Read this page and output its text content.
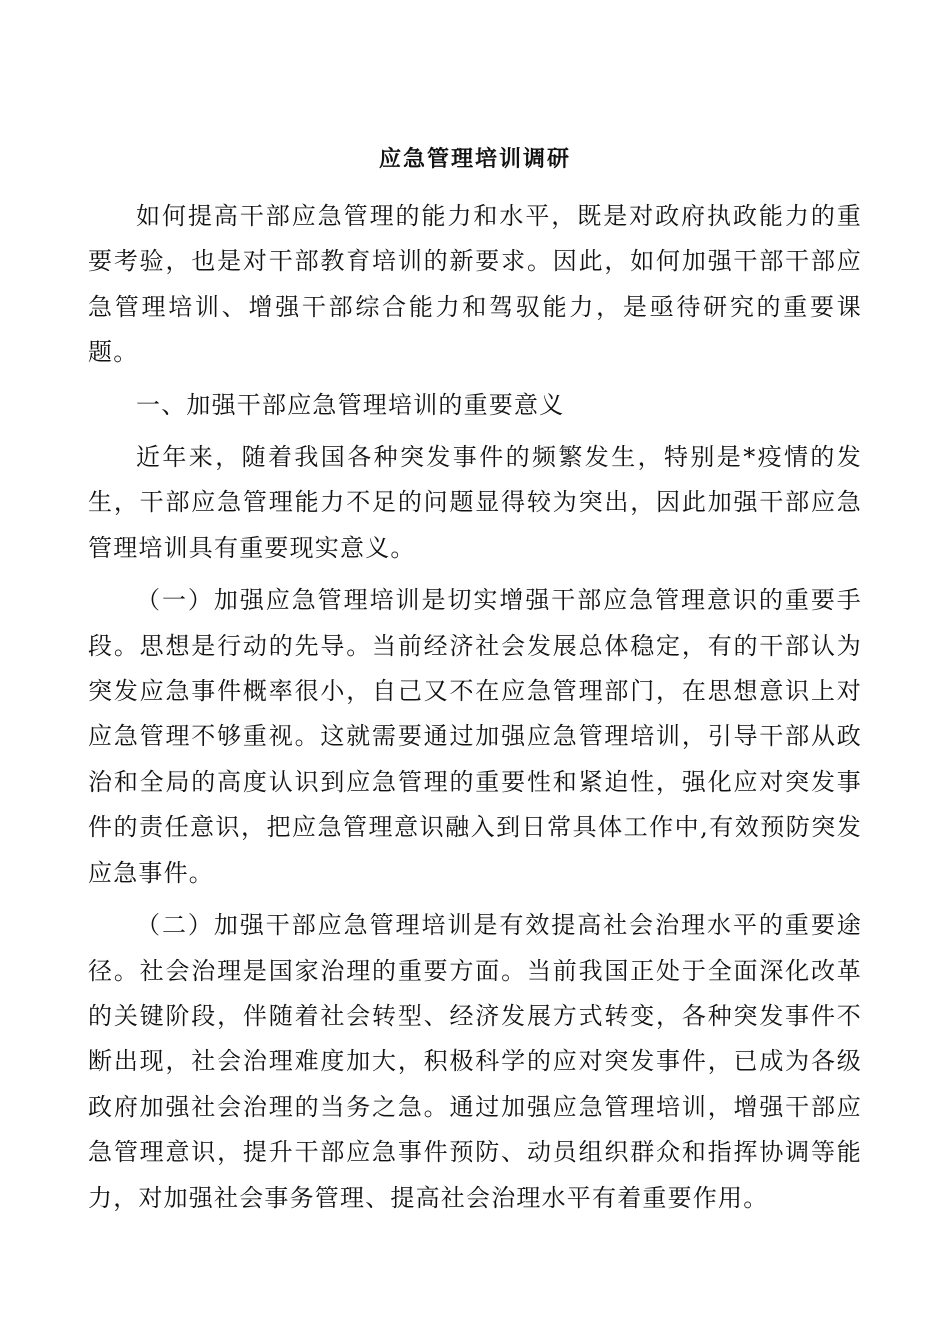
应急管理培训调研

如何提高干部应急管理的能力和水平，既是对政府执政能力的重要考验，也是对干部教育培训的新要求。因此，如何加强干部干部应急管理培训、增强干部综合能力和驾驭能力，是亟待研究的重要课题。

一、加强干部应急管理培训的重要意义

近年来，随着我国各种突发事件的频繁发生，特别是*疫情的发生，干部应急管理能力不足的问题显得较为突出，因此加强干部应急管理培训具有重要现实意义。

（一）加强应急管理培训是切实增强干部应急管理意识的重要手段。思想是行动的先导。当前经济社会发展总体稳定，有的干部认为突发应急事件概率很小，自己又不在应急管理部门，在思想意识上对应急管理不够重视。这就需要通过加强应急管理培训，引导干部从政治和全局的高度认识到应急管理的重要性和紧迫性，强化应对突发事件的责任意识，把应急管理意识融入到日常具体工作中,有效预防突发应急事件。

（二）加强干部应急管理培训是有效提高社会治理水平的重要途径。社会治理是国家治理的重要方面。当前我国正处于全面深化改革的关键阶段，伴随着社会转型、经济发展方式转变，各种突发事件不断出现，社会治理难度加大，积极科学的应对突发事件，已成为各级政府加强社会治理的当务之急。通过加强应急管理培训，增强干部应急管理意识，提升干部应急事件预防、动员组织群众和指挥协调等能力，对加强社会事务管理、提高社会治理水平有着重要作用。
